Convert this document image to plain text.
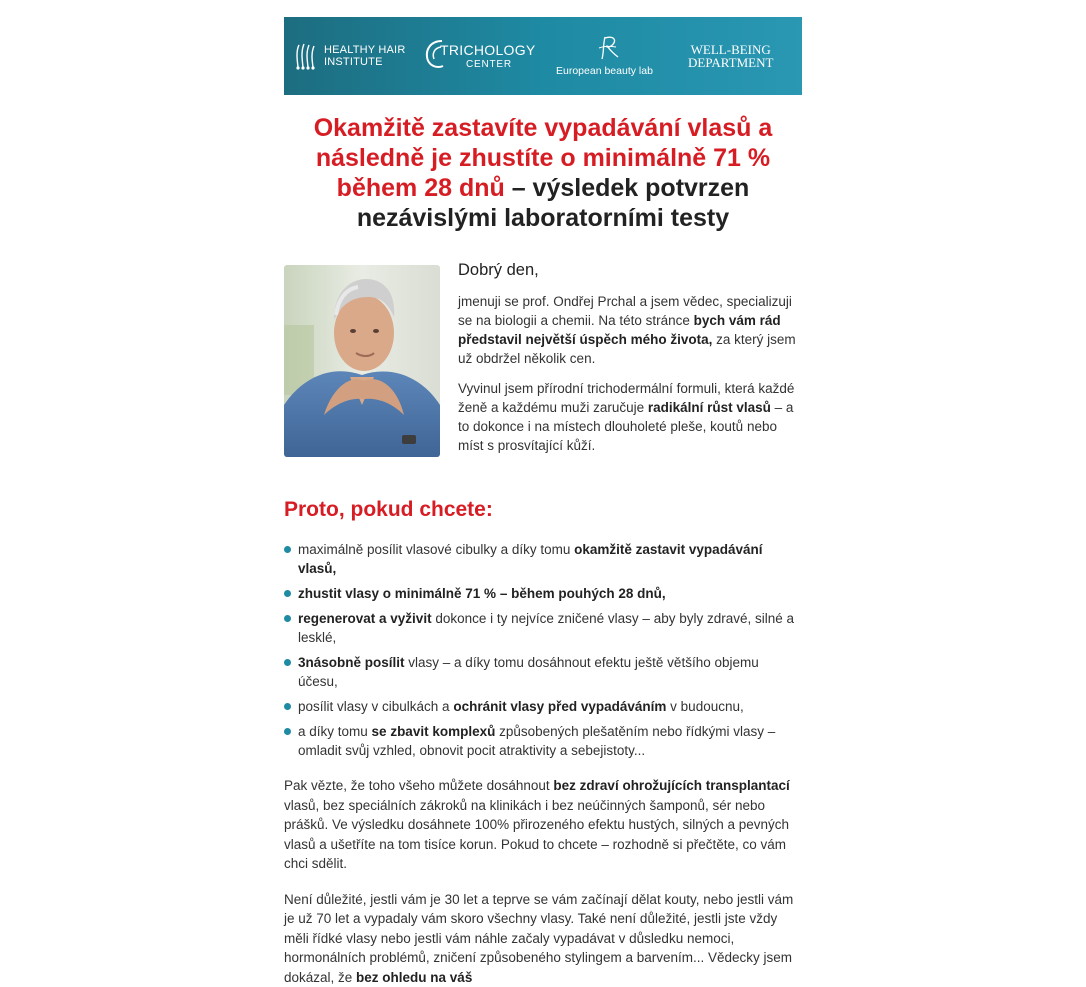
HEALTHY HAIR
INSTITUTE
TRICHOLOGY
CENTER
European beauty lab
WELL-BEING
DEPARTMENT
Okamžitě zastavíte vypadávání vlasů a následně je zhustíte o minimálně 71 % během 28 dnů – výsledek potvrzen nezávislými laboratorními testy
Dobrý den,

jmenuji se prof. Ondřej Prchal a jsem vědec, specializuji se na biologii a chemii. Na této stránce bych vám rád představil největší úspěch mého života, za který jsem už obdržel několik cen.

Vyvinul jsem přírodní trichodermální formuli, která každé ženě a každému muži zaručuje radikální růst vlasů – a to dokonce i na místech dlouholeté pleše, koutů nebo míst s prosvítající kůží.

Proto, pokud chcete:
maximálně posílit vlasové cibulky a díky tomu okamžitě zastavit vypadávání vlasů,
zhustit vlasy o minimálně 71 % – během pouhých 28 dnů,
regenerovat a vyživit dokonce i ty nejvíce zničené vlasy – aby byly zdravé, silné a lesklé,
3násobně posílit vlasy – a díky tomu dosáhnout efektu ještě většího objemu účesu,
posílit vlasy v cibulkách a ochránit vlasy před vypadáváním v budoucnu,
a díky tomu se zbavit komplexů způsobených plešatěním nebo řídkými vlasy – omladit svůj vzhled, obnovit pocit atraktivity a sebejistoty...

Pak vězte, že toho všeho můžete dosáhnout bez zdraví ohrožujících transplantací vlasů, bez speciálních zákroků na klinikách i bez neúčinných šamponů, sér nebo prášků. Ve výsledku dosáhnete 100% přirozeného efektu hustých, silných a pevných vlasů a ušetříte na tom tisíce korun. Pokud to chcete – rozhodně si přečtěte, co vám chci sdělit.

Není důležité, jestli vám je 30 let a teprve se vám začínají dělat kouty, nebo jestli vám je už 70 let a vypadaly vám skoro všechny vlasy. Také není důležité, jestli jste vždy měli řídké vlasy nebo jestli vám náhle začaly vypadávat v důsledku nemoci, hormonálních problémů, zničení způsobeného stylingem a barvením... Vědecky jsem dokázal, že bez ohledu na váš
